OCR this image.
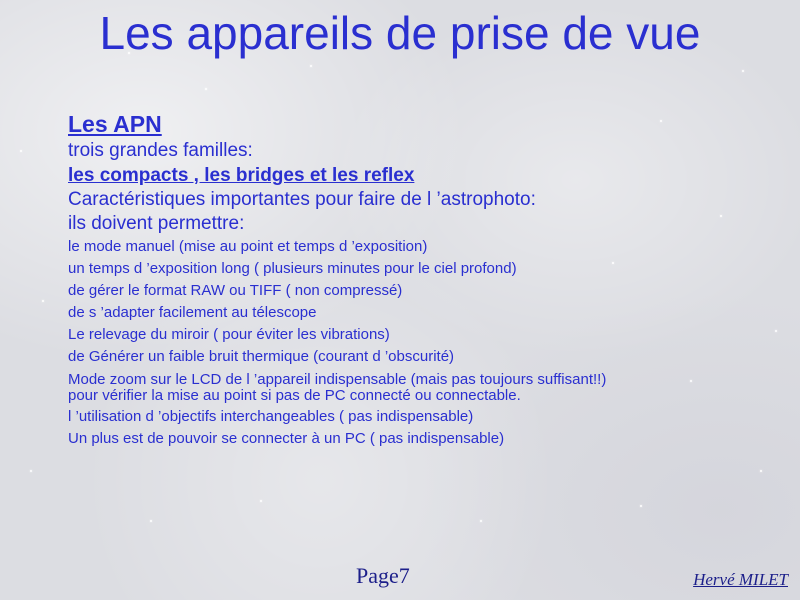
Les appareils de prise de vue

Les APN

trois grandes familles:

les compacts , les bridges et les reflex

Caractéristiques importantes pour faire de l ’astrophoto:

ils doivent permettre:

le mode manuel (mise au point et temps d ’exposition)

un temps d ’exposition long ( plusieurs minutes pour le ciel profond)

de gérer le format RAW ou TIFF ( non compressé)

de s ’adapter facilement au télescope

Le relevage du miroir ( pour éviter les vibrations)

de Générer un faible bruit thermique (courant d ’obscurité)

Mode zoom sur le LCD de l ’appareil indispensable (mais pas toujours suffisant!!)

pour vérifier la mise au point si pas de PC connecté ou connectable.

l ’utilisation d ’objectifs interchangeables ( pas indispensable)

Un plus est de pouvoir se connecter à un PC ( pas indispensable)

Page7	Hervé MILET
